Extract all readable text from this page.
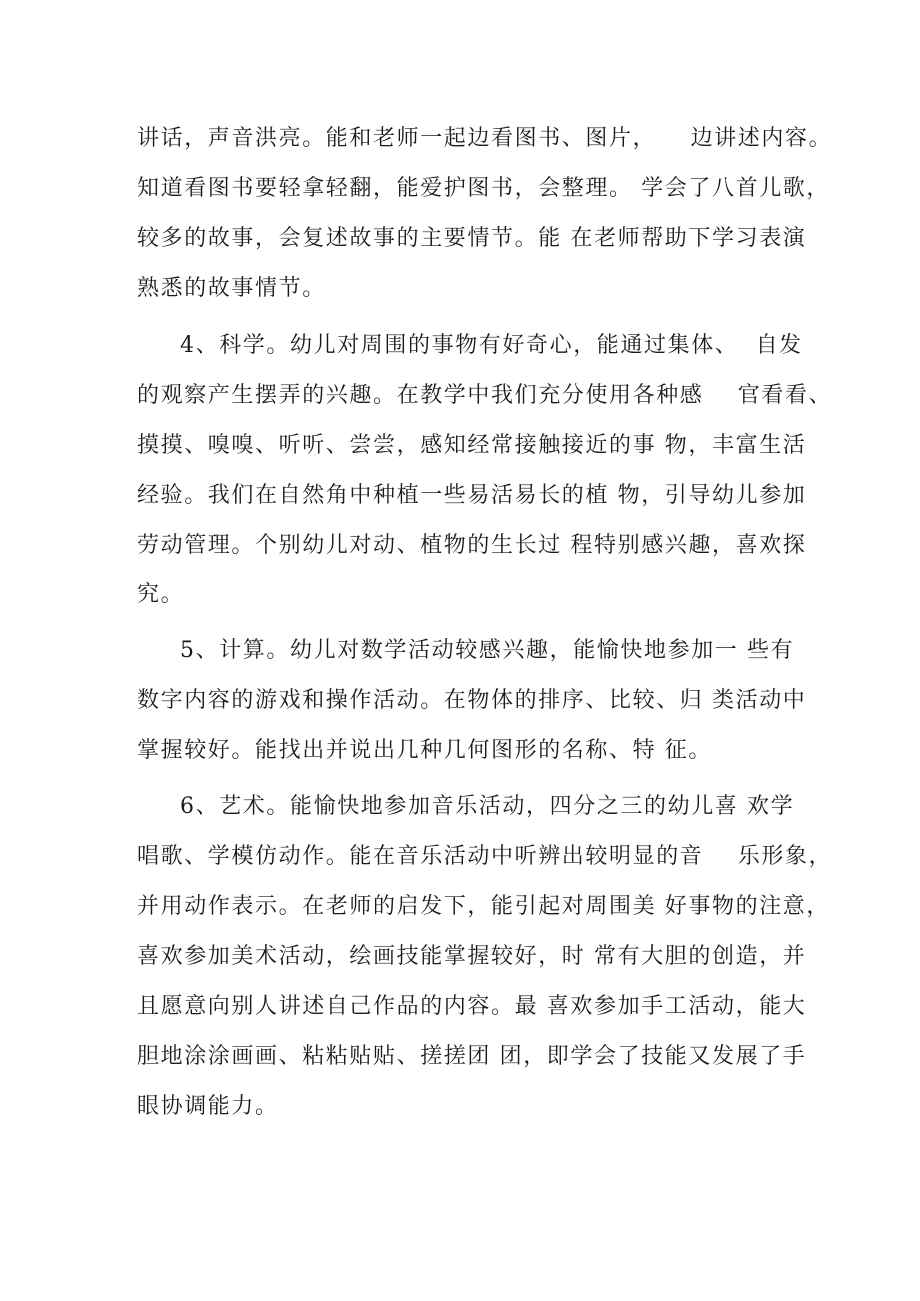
讲话，声音洪亮。能和老师一起边看图书、图片，    边讲述内容。
知道看图书要轻拿轻翻，能爱护图书，会整理。 学会了八首儿歌，
较多的故事，会复述故事的主要情节。能 在老师帮助下学习表演
熟悉的故事情节。
4、科学。幼儿对周围的事物有好奇心，能通过集体、  自发
的观察产生摆弄的兴趣。在教学中我们充分使用各种感    官看看、
摸摸、嗅嗅、听听、尝尝，感知经常接触接近的事 物，丰富生活
经验。我们在自然角中种植一些易活易长的植 物，引导幼儿参加
劳动管理。个别幼儿对动、植物的生长过 程特别感兴趣，喜欢探
究。
5、计算。幼儿对数学活动较感兴趣，能愉快地参加一 些有
数字内容的游戏和操作活动。在物体的排序、比较、归 类活动中
掌握较好。能找出并说出几种几何图形的名称、特 征。
6、艺术。能愉快地参加音乐活动，四分之三的幼儿喜 欢学
唱歌、学模仿动作。能在音乐活动中听辨出较明显的音    乐形象，
并用动作表示。在老师的启发下，能引起对周围美 好事物的注意，
喜欢参加美术活动，绘画技能掌握较好，时 常有大胆的创造，并
且愿意向别人讲述自己作品的内容。最 喜欢参加手工活动，能大
胆地涂涂画画、粘粘贴贴、搓搓团 团，即学会了技能又发展了手
眼协调能力。
